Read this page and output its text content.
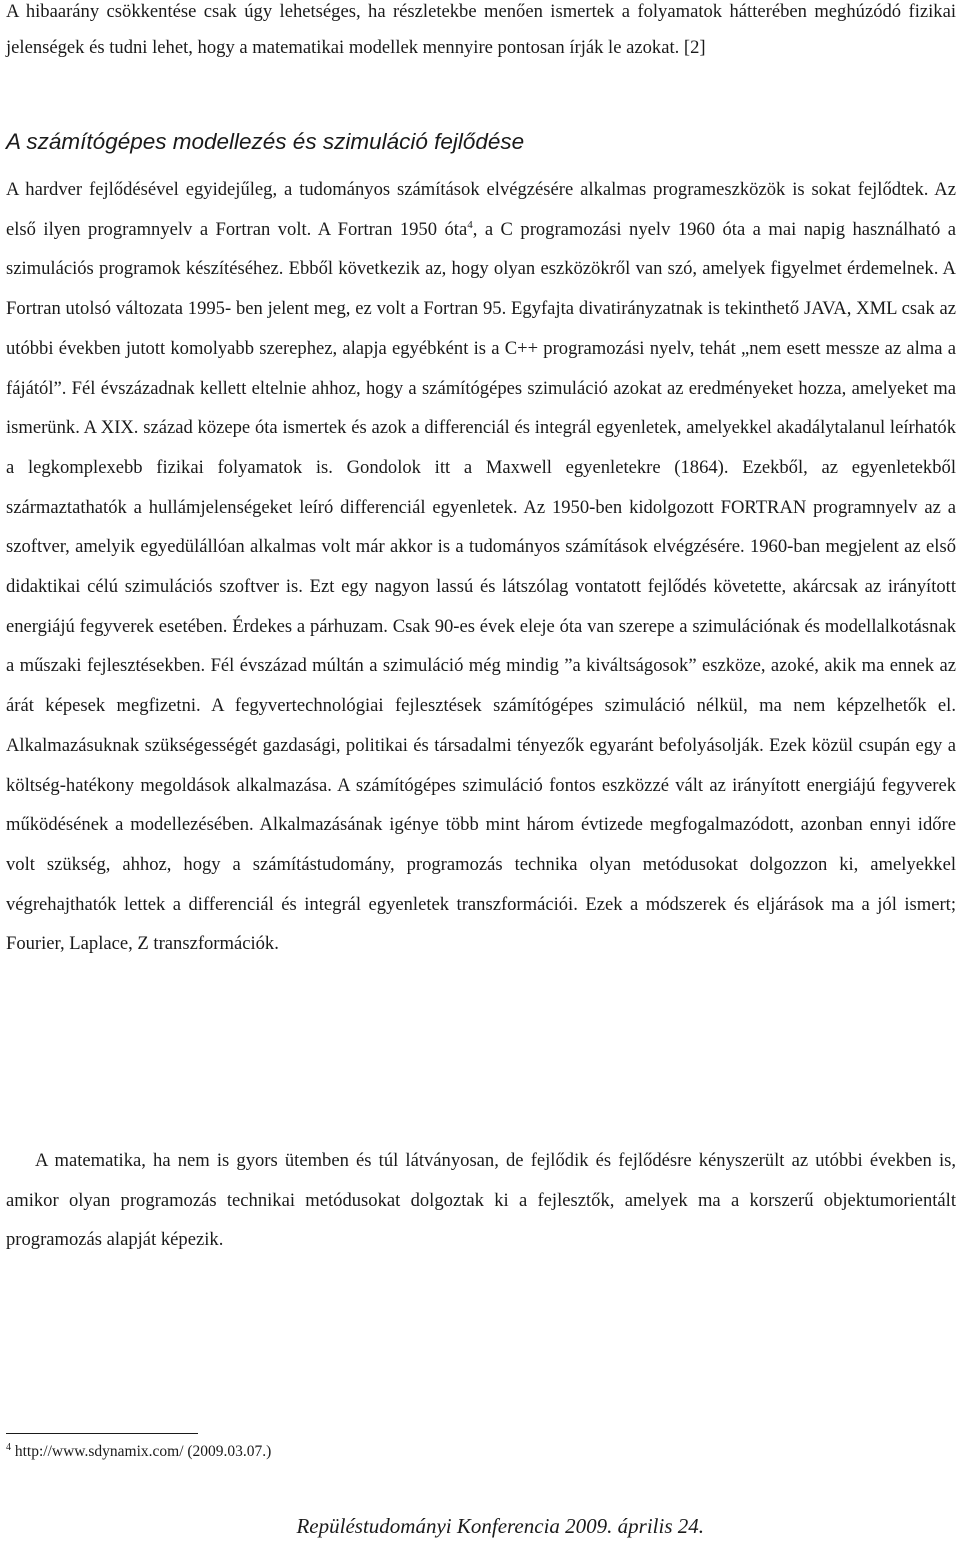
A hibaarány csökkentése csak úgy lehetséges, ha részletekbe menően ismertek a folyamatok hátterében meghúzódó fizikai jelenségek és tudni lehet, hogy a matematikai modellek mennyire pontosan írják le azokat. [2]

A számítógépes modellezés és szimuláció fejlődése

A hardver fejlődésével egyidejűleg, a tudományos számítások elvégzésére alkalmas programeszközök is sokat fejlődtek. Az első ilyen programnyelv a Fortran volt. A Fortran 1950 óta$^4$, a C programozási nyelv 1960 óta a mai napig használható a szimulációs programok készítéséhez. Ebből következik az, hogy olyan eszközökről van szó, amelyek figyelmet érdemelnek. A Fortran utolsó változata 1995- ben jelent meg, ez volt a Fortran 95. Egyfajta divatirányzatnak is tekinthető JAVA, XML csak az utóbbi években jutott komolyabb szerephez, alapja egyébként is a C++ programozási nyelv, tehát „nem esett messze az alma a fájától”. Fél évszázadnak kellett eltelnie ahhoz, hogy a számítógépes szimuláció azokat az eredményeket hozza, amelyeket ma ismerünk. A XIX. század közepe óta ismertek és azok a differenciál és integrál egyenletek, amelyekkel akadálytalanul leírhatók a legkomplexebb fizikai folyamatok is. Gondolok itt a Maxwell egyenletekre (1864). Ezekből, az egyenletekből származtathatók a hullámjelenségeket leíró differenciál egyenletek. Az 1950-ben kidolgozott FORTRAN programnyelv az a szoftver, amelyik egyedülállóan alkalmas volt már akkor is a tudományos számítások elvégzésére. 1960-ban megjelent az első didaktikai célú szimulációs szoftver is. Ezt egy nagyon lassú és látszólag vontatott fejlődés követette, akárcsak az irányított energiájú fegyverek esetében. Érdekes a párhuzam. Csak 90-es évek eleje óta van szerepe a szimulációnak és modellalkotásnak a műszaki fejlesztésekben. Fél évszázad múltán a szimuláció még mindig ”a kiváltságosok” eszköze, azoké, akik ma ennek az árát képesek megfizetni. A fegyvertechnológiai fejlesztések számítógépes szimuláció nélkül, ma nem képzelhetők el. Alkalmazásuknak szükségességét gazdasági, politikai és társadalmi tényezők egyaránt befolyásolják. Ezek közül csupán egy a költség-hatékony megoldások alkalmazása. A számítógépes szimuláció fontos eszközzé vált az irányított energiájú fegyverek működésének a modellezésében. Alkalmazásának igénye több mint három évtizede megfogalmazódott, azonban ennyi időre volt szükség, ahhoz, hogy a számítástudomány, programozás technika olyan metódusokat dolgozzon ki, amelyekkel végrehajthatók lettek a differenciál és integrál egyenletek transzformációi. Ezek a módszerek és eljárások ma a jól ismert; Fourier, Laplace, Z transzformációk.

A matematika, ha nem is gyors ütemben és túl látványosan, de fejlődik és fejlődésre kényszerült az utóbbi években is, amikor olyan programozás technikai metódusokat dolgoztak ki a fejlesztők, amelyek ma a korszerű objektumorientált programozás alapját képezik.

$^4$ http://www.sdynamix.com/ (2009.03.07.)

Repüléstudományi Konferencia 2009. április 24.
